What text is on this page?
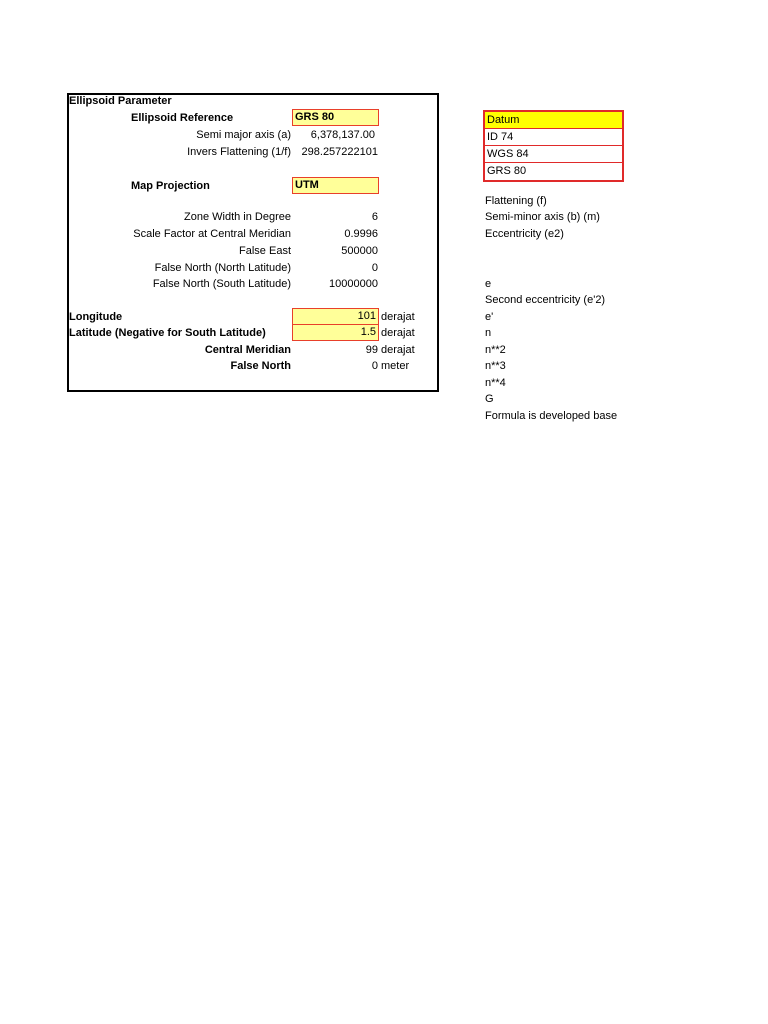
Ellipsoid Parameter
Ellipsoid Reference	GRS 80
Semi major axis (a)	6,378,137.00
Invers Flattening (1/f) 298.257222101
Map Projection	UTM
Zone Width in Degree	6
Scale Factor at Central Meridian	0.9996
False East	500000
False North (North Latitude)	0
False North (South Latitude)	10000000
Longitude	101 derajat
Latitude (Negative for South Latitude)	1.5 derajat
Central Meridian	99 derajat
False North	0 meter
Datum
ID 74
WGS 84
GRS 80
Flattening (f)
Semi-minor axis (b) (m)
Eccentricity (e2)
e
Second eccentricity (e'2)
e'
n
n**2
n**3
n**4
G
Formula is developed base
